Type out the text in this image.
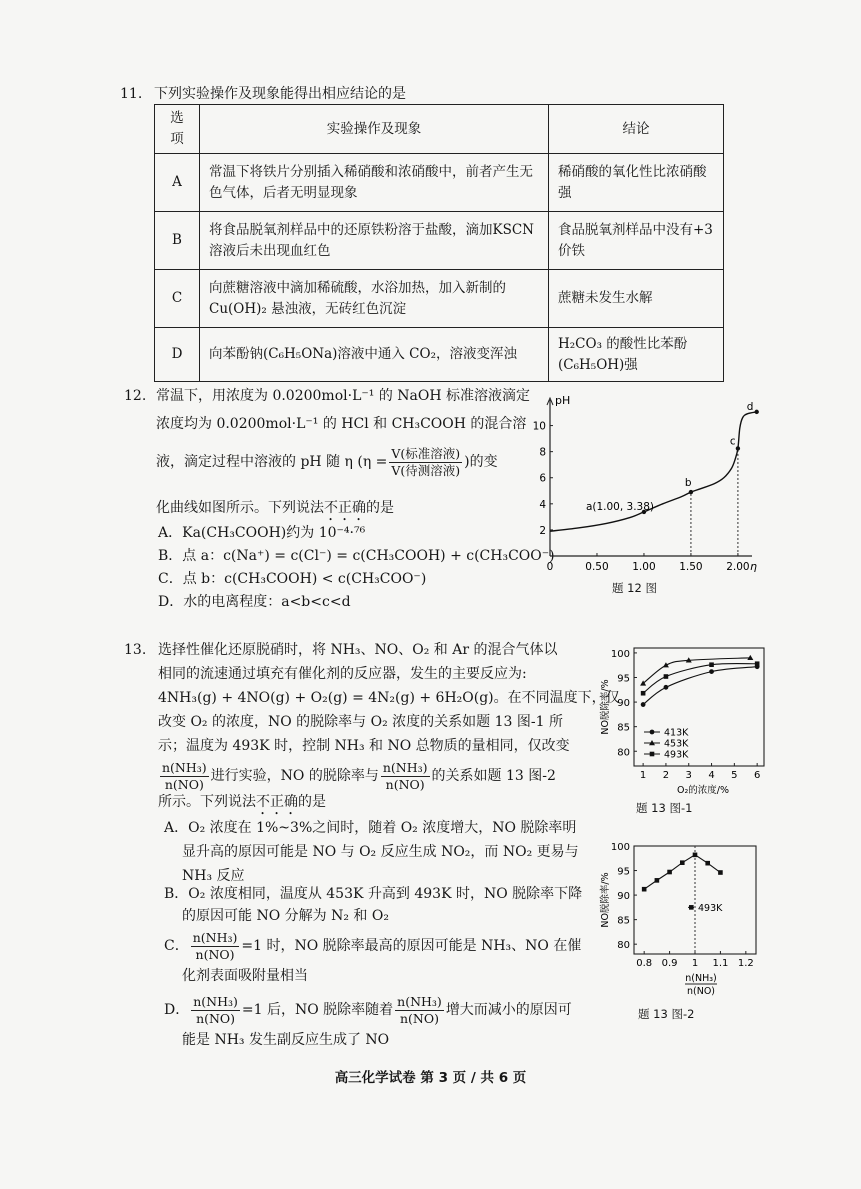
11. 下列实验操作及现象能得出相应结论的是
选项	实验操作及现象	结论
A	常温下将铁片分别插入稀硝酸和浓硝酸中，前者产生无色气体，后者无明显现象	稀硝酸的氧化性比浓硝酸强
B	将食品脱氧剂样品中的还原铁粉溶于盐酸，滴加KSCN 溶液后未出现血红色	食品脱氧剂样品中没有+3 价铁
C	向蔗糖溶液中滴加稀硫酸，水浴加热，加入新制的Cu(OH)₂ 悬浊液，无砖红色沉淀	蔗糖未发生水解
D	向苯酚钠(C₆H₅ONa)溶液中通入 CO₂，溶液变浑浊	H₂CO₃ 的酸性比苯酚(C₆H₅OH)强
12. 常温下，用浓度为 0.0200mol·L⁻¹ 的 NaOH 标准溶液滴定
浓度均为 0.0200mol·L⁻¹ 的 HCl 和 CH₃COOH 的混合溶
液，滴定过程中溶液的 pH 随 η ($\eta = \frac{\text{V(标准溶液)}}{\text{V(待测溶液)}}$ )的变
化曲线如图所示。下列说法不正确的是
A．Ka(CH₃COOH)约为 10⁻⁴·⁷⁶
B．点 a：c(Na⁺) = c(Cl⁻) = c(CH₃COOH) + c(CH₃COO⁻)
C．点 b：c(CH₃COOH) < c(CH₃COO⁻)
D．水的电离程度：a<b<c<d
pH
η
0	0.50 1.00 1.50 2.00
2
4
6
8
10
a(1.00, 3.38)
b
c
d
题 12 图
13. 选择性催化还原脱硝时，将 NH₃、NO、O₂ 和 Ar 的混合气体以
相同的流速通过填充有催化剂的反应器，发生的主要反应为:
4NH₃(g) + 4NO(g) + O₂(g) = 4N₂(g) + 6H₂O(g)。在不同温度下，仅
改变 O₂ 的浓度，NO 的脱除率与 O₂ 浓度的关系如题 13 图-1 所
示；温度为 493K 时，控制 NH₃ 和 NO 总物质的量相同，仅改变
$\frac{\text{n(NH₃)}}{n(NO)}$ 进行实验，NO 的脱除率与 $\frac{\text{n(NH₃)}}{n(NO)}$ 的关系如题 13 图-2
所示。下列说法不正确的是
A．O₂ 浓度在 1%~3%之间时，随着 O₂ 浓度增大，NO 脱除率明
显升高的原因可能是 NO 与 O₂ 反应生成 NO₂，而 NO₂ 更易与
NH₃ 反应
B．O₂ 浓度相同，温度从 453K 升高到 493K 时，NO 脱除率下降
的原因可能 NO 分解为 N₂ 和 O₂
C． $\frac{\text{n(NH₃)}}{n(NO)} =1$ 时，NO 脱除率最高的原因可能是 NH₃、NO 在催
化剂表面吸附量相当
D． $\frac{\text{n(NH₃)}}{n(NO)} =1$ 后，NO 脱除率随着 $\frac{\text{n(NH₃)}}{n(NO)}$ 增大而减小的原因可
能是 NH₃ 发生副反应生成了 NO
1 2 3 4 5 6
80
85
90
95
100
O₂的浓度/%
NO脱除率/%	413K
453K
493K
题 13 图-1
0.8 0.9 1 1.1 1.2
80
85
90
95
100
n(NH₃)
n(NO)
NO脱除率/%	493K
题 13 图-2
高三化学试卷 第 3 页 / 共 6 页
